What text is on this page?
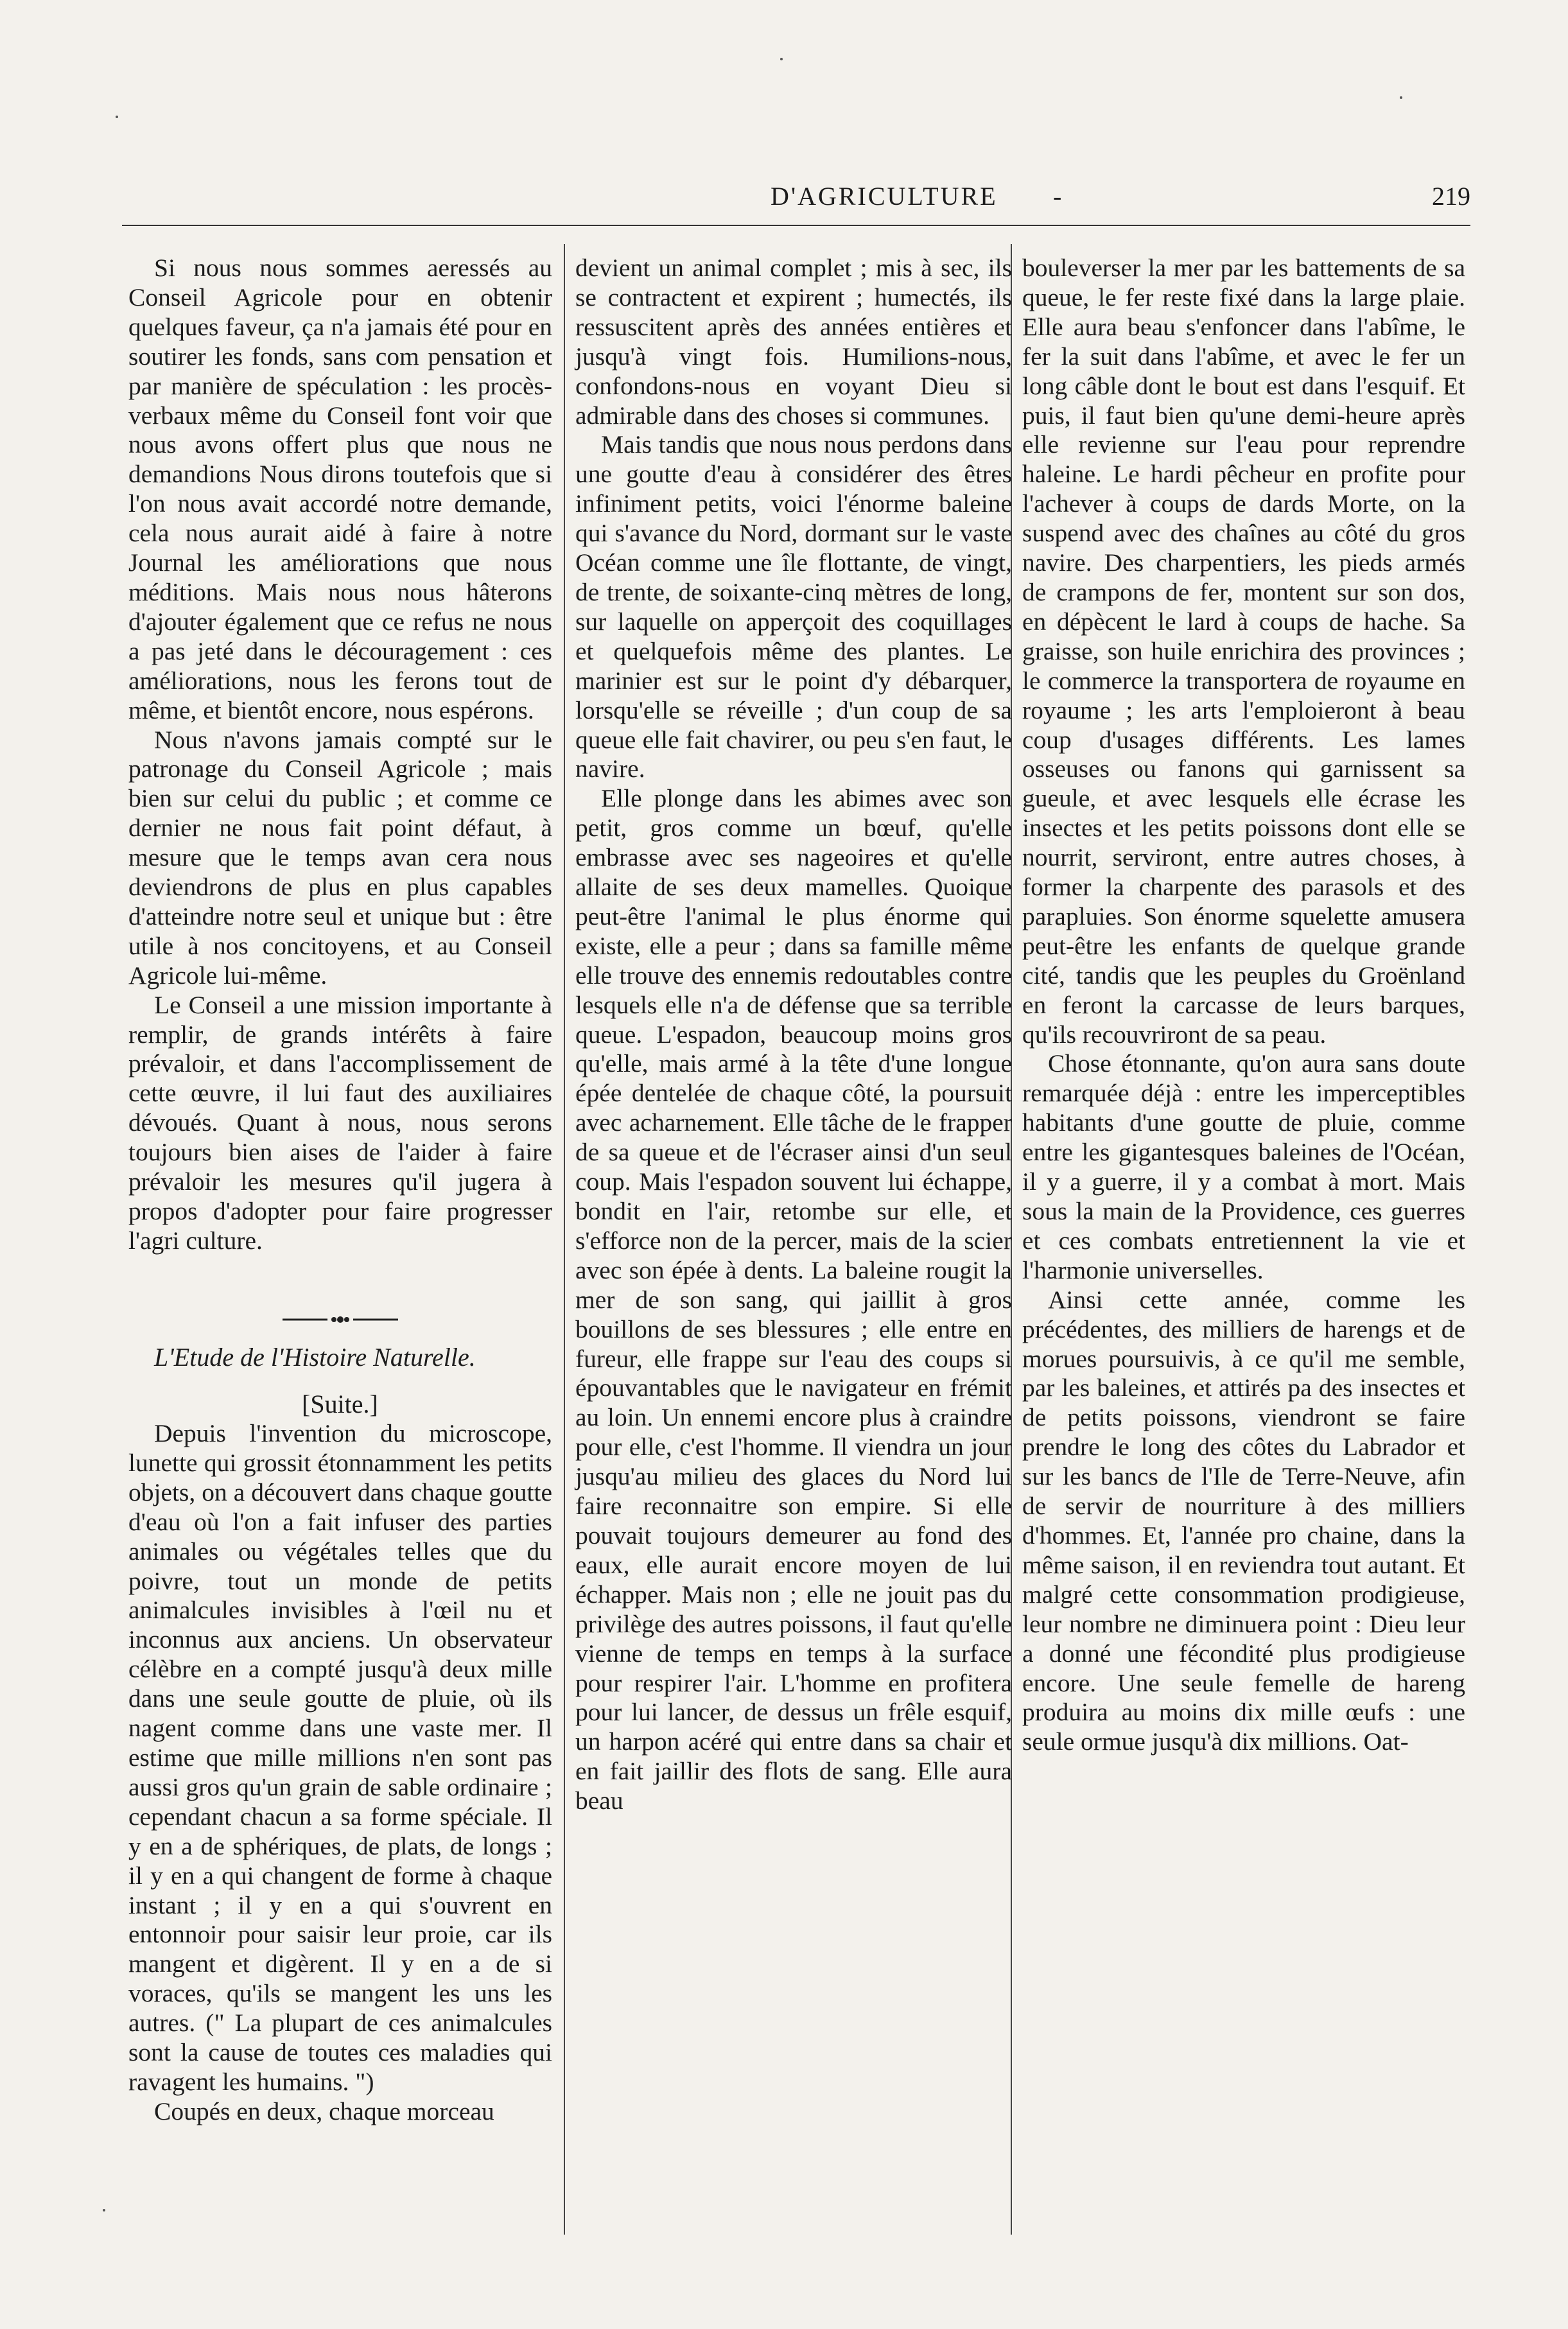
D'AGRICULTURE -	219

Si nous nous sommes aeressés au Conseil Agricole pour en obtenir quelques faveur, ça n'a jamais été pour en soutirer les fonds, sans com pensation et par manière de spéculation : les procès-verbaux même du Conseil font voir que nous avons offert plus que nous ne demandions Nous dirons toutefois que si l'on nous avait accordé notre demande, cela nous aurait aidé à faire à notre Journal les améliorations que nous méditions. Mais nous nous hâterons d'ajouter également que ce refus ne nous a pas jeté dans le découragement : ces améliorations, nous les ferons tout de même, et bientôt encore, nous espérons.

Nous n'avons jamais compté sur le patronage du Conseil Agricole ; mais bien sur celui du public ; et comme ce dernier ne nous fait point défaut, à mesure que le temps avan cera nous deviendrons de plus en plus capables d'atteindre notre seul et unique but : être utile à nos concitoyens, et au Conseil Agricole lui-même.

Le Conseil a une mission importante à remplir, de grands intérêts à faire prévaloir, et dans l'accomplissement de cette œuvre, il lui faut des auxiliaires dévoués. Quant à nous, nous serons toujours bien aises de l'aider à faire prévaloir les mesures qu'il jugera à propos d'adopter pour faire progresser l'agri culture.

L'Etude de l'Histoire Naturelle.
[Suite.]

Depuis l'invention du microscope, lunette qui grossit étonnamment les petits objets, on a découvert dans chaque goutte d'eau où l'on a fait infuser des parties animales ou végétales telles que du poivre, tout un monde de petits animalcules invisibles à l'œil nu et inconnus aux anciens. Un observateur célèbre en a compté jusqu'à deux mille dans une seule goutte de pluie, où ils nagent comme dans une vaste mer. Il estime que mille millions n'en sont pas aussi gros qu'un grain de sable ordinaire ; cependant chacun a sa forme spéciale. Il y en a de sphériques, de plats, de longs ; il y en a qui changent de forme à chaque instant ; il y en a qui s'ouvrent en entonnoir pour saisir leur proie, car ils mangent et digèrent. Il y en a de si voraces, qu'ils se mangent les uns les autres. (" La plupart de ces animalcules sont la cause de toutes ces maladies qui ravagent les humains. ")

Coupés en deux, chaque morceau

devient un animal complet ; mis à sec, ils se contractent et expirent ; humectés, ils ressuscitent après des années entières et jusqu'à vingt fois. Humilions-nous, confondons-nous en voyant Dieu si admirable dans des choses si communes.

Mais tandis que nous nous perdons dans une goutte d'eau à considérer des êtres infiniment petits, voici l'énorme baleine qui s'avance du Nord, dormant sur le vaste Océan comme une île flottante, de vingt, de trente, de soixante-cinq mètres de long, sur laquelle on apperçoit des coquillages et quelquefois même des plantes. Le marinier est sur le point d'y débarquer, lorsqu'elle se réveille ; d'un coup de sa queue elle fait chavirer, ou peu s'en faut, le navire.

Elle plonge dans les abimes avec son petit, gros comme un bœuf, qu'elle embrasse avec ses nageoires et qu'elle allaite de ses deux mamelles. Quoique peut-être l'animal le plus énorme qui existe, elle a peur ; dans sa famille même elle trouve des ennemis redoutables contre lesquels elle n'a de défense que sa terrible queue. L'espadon, beaucoup moins gros qu'elle, mais armé à la tête d'une longue épée dentelée de chaque côté, la poursuit avec acharnement. Elle tâche de le frapper de sa queue et de l'écraser ainsi d'un seul coup. Mais l'espadon souvent lui échappe, bondit en l'air, retombe sur elle, et s'efforce non de la percer, mais de la scier avec son épée à dents. La baleine rougit la mer de son sang, qui jaillit à gros bouillons de ses blessures ; elle entre en fureur, elle frappe sur l'eau des coups si épouvantables que le navigateur en frémit au loin. Un ennemi encore plus à craindre pour elle, c'est l'homme. Il viendra un jour jusqu'au milieu des glaces du Nord lui faire reconnaitre son empire. Si elle pouvait toujours demeurer au fond des eaux, elle aurait encore moyen de lui échapper. Mais non ; elle ne jouit pas du privilège des autres poissons, il faut qu'elle vienne de temps en temps à la surface pour respirer l'air. L'homme en profitera pour lui lancer, de dessus un frêle esquif, un harpon acéré qui entre dans sa chair et en fait jaillir des flots de sang. Elle aura beau

bouleverser la mer par les battements de sa queue, le fer reste fixé dans la large plaie. Elle aura beau s'enfoncer dans l'abîme, le fer la suit dans l'abîme, et avec le fer un long câble dont le bout est dans l'esquif. Et puis, il faut bien qu'une demi-heure après elle revienne sur l'eau pour reprendre haleine. Le hardi pêcheur en profite pour l'achever à coups de dards Morte, on la suspend avec des chaînes au côté du gros navire. Des charpentiers, les pieds armés de crampons de fer, montent sur son dos, en dépècent le lard à coups de hache. Sa graisse, son huile enrichira des provinces ; le commerce la transportera de royaume en royaume ; les arts l'emploieront à beau coup d'usages différents. Les lames osseuses ou fanons qui garnissent sa gueule, et avec lesquels elle écrase les insectes et les petits poissons dont elle se nourrit, serviront, entre autres choses, à former la charpente des parasols et des parapluies. Son énorme squelette amusera peut-être les enfants de quelque grande cité, tandis que les peuples du Groënland en feront la carcasse de leurs barques, qu'ils recouvriront de sa peau.

Chose étonnante, qu'on aura sans doute remarquée déjà : entre les imperceptibles habitants d'une goutte de pluie, comme entre les gigantesques baleines de l'Océan, il y a guerre, il y a combat à mort. Mais sous la main de la Providence, ces guerres et ces combats entretiennent la vie et l'harmonie universelles.

Ainsi cette année, comme les précédentes, des milliers de harengs et de morues poursuivis, à ce qu'il me semble, par les baleines, et attirés pa des insectes et de petits poissons, viendront se faire prendre le long des côtes du Labrador et sur les bancs de l'Ile de Terre-Neuve, afin de servir de nourriture à des milliers d'hommes. Et, l'année pro chaine, dans la même saison, il en reviendra tout autant. Et malgré cette consommation prodigieuse, leur nombre ne diminuera point : Dieu leur a donné une fécondité plus prodigieuse encore. Une seule femelle de hareng produira au moins dix mille œufs : une seule ormue jusqu'à dix millions. Oat-
